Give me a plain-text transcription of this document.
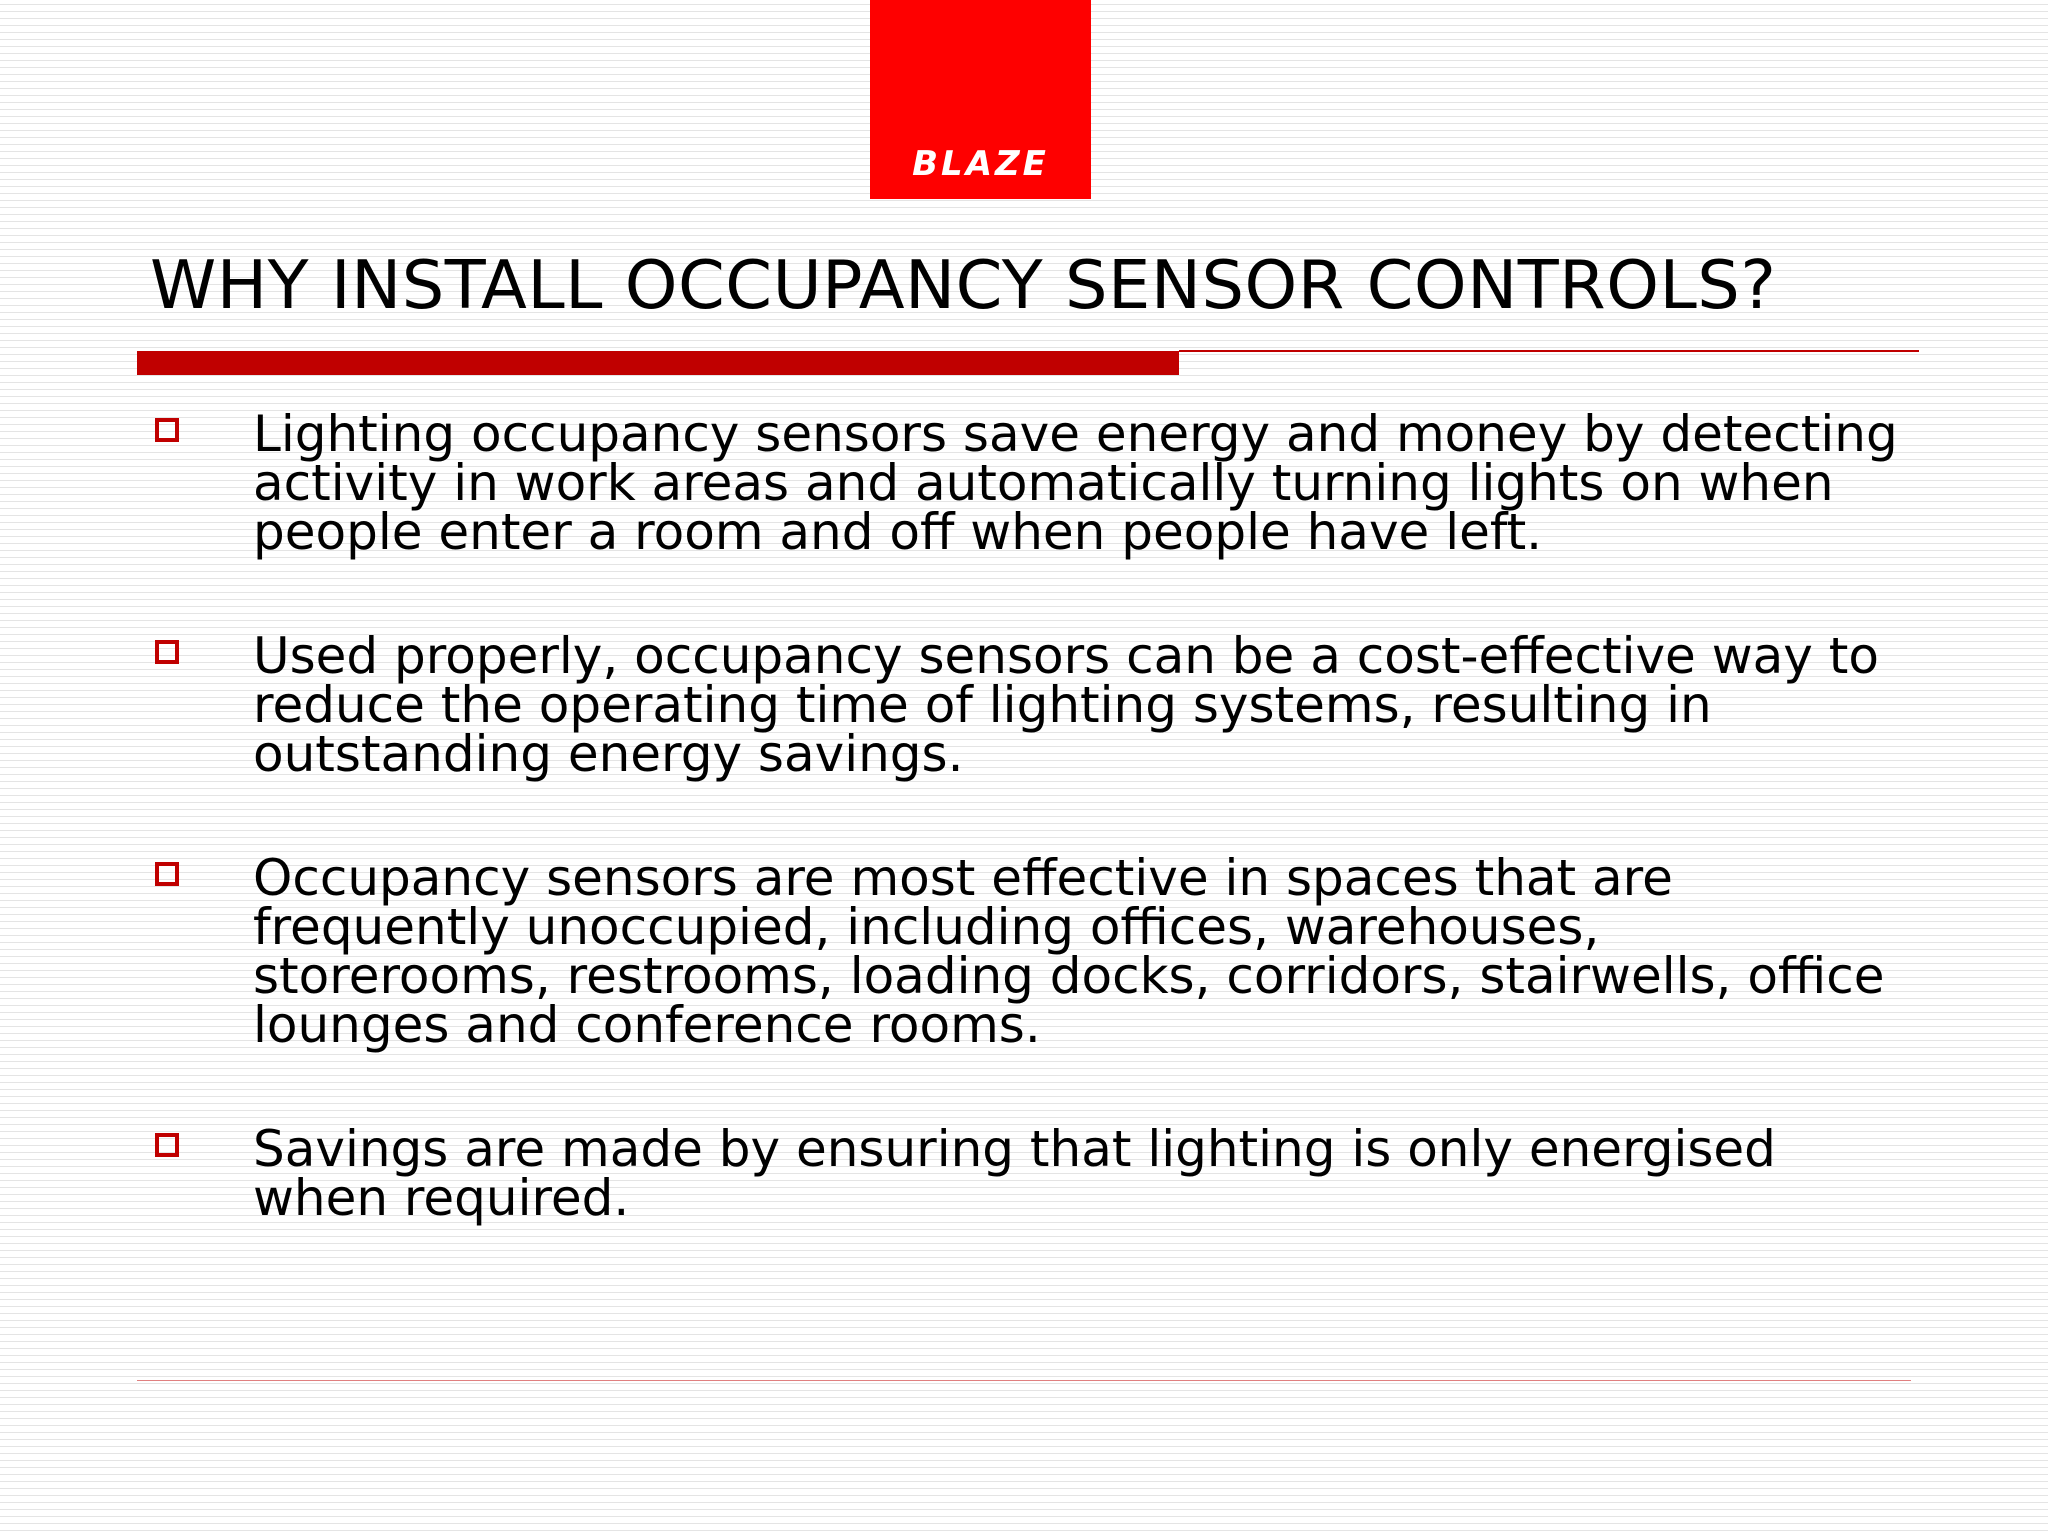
BLAZE
WHY INSTALL OCCUPANCY SENSOR CONTROLS?
Lighting occupancy sensors save energy and money by detecting activity in work areas and automatically turning lights on when people enter a room and off when people have left.
Used properly, occupancy sensors can be a cost-effective way to reduce the operating time of lighting systems, resulting in outstanding energy savings.
Occupancy sensors are most effective in spaces that are frequently unoccupied, including offices, warehouses, storerooms, restrooms, loading docks, corridors, stairwells, office lounges and conference rooms.
Savings are made by ensuring that lighting is only energised when required.
